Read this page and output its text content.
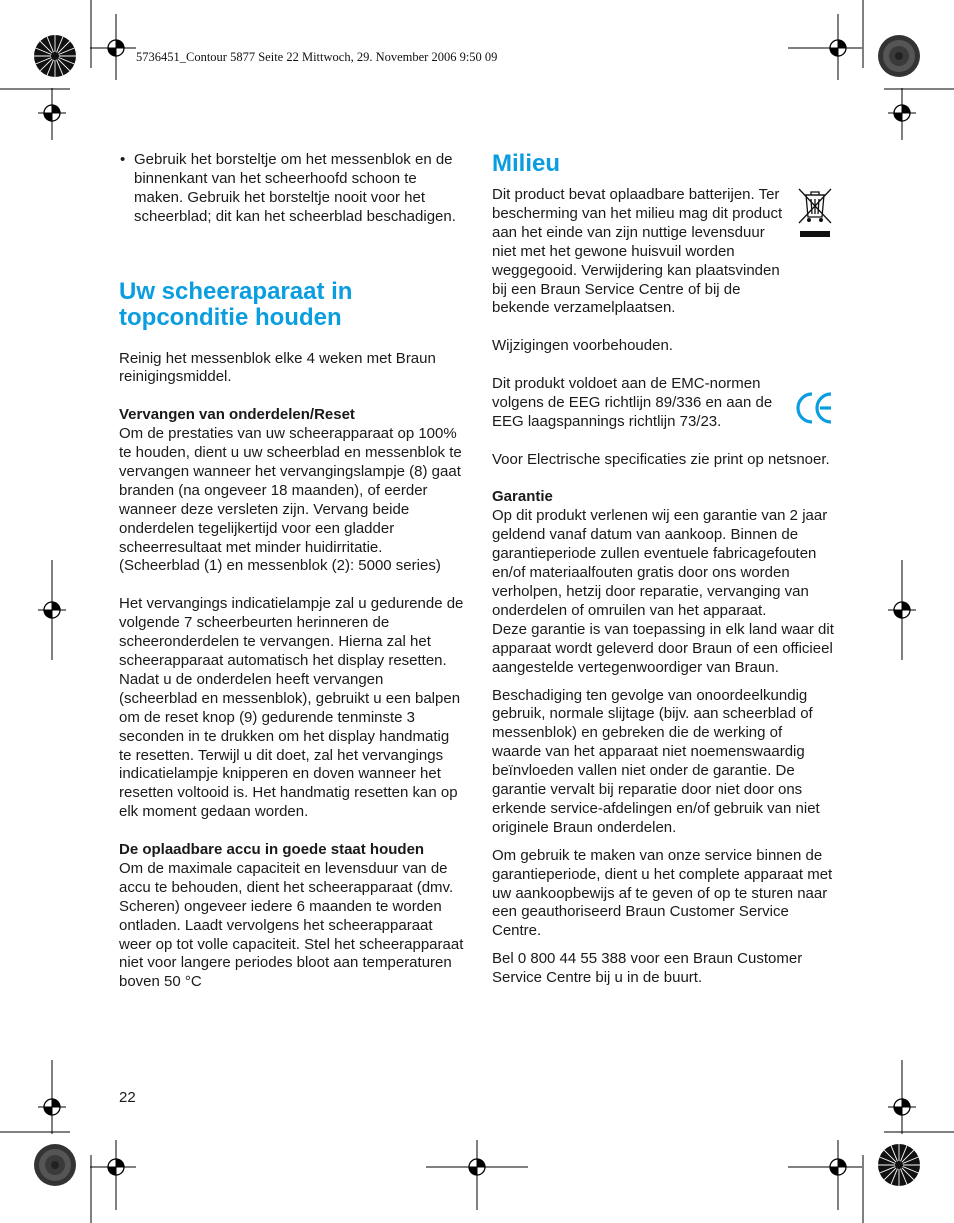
5736451_Contour 5877 Seite 22 Mittwoch, 29. November 2006 9:50 09

• Gebruik het borsteltje om het messenblok en de binnenkant van het scheerhoofd schoon te maken. Gebruik het borsteltje nooit voor het scheerblad; dit kan het scheerblad beschadigen.

Uw scheeraparaat in topconditie houden

Reinig het messenblok elke 4 weken met Braun reinigingsmiddel.

Vervangen van onderdelen/Reset

Om de prestaties van uw scheerapparaat op 100% te houden, dient u uw scheerblad en messenblok te vervangen wanneer het vervangingslampje (8) gaat branden (na ongeveer 18 maanden), of eerder wanneer deze versleten zijn. Vervang beide onderdelen tegelijkertijd voor een gladder scheerresultaat met minder huidirritatie.

(Scheerblad (1) en messenblok (2): 5000 series)

Het vervangings indicatielampje zal u gedurende de volgende 7 scheerbeurten herinneren de scheeronderdelen te vervangen. Hierna zal het scheerapparaat automatisch het display resetten.

Nadat u de onderdelen heeft vervangen (scheerblad en messenblok), gebruikt u een balpen om de reset knop (9) gedurende tenminste 3 seconden in te drukken om het display handmatig te resetten. Terwijl u dit doet, zal het vervangings indicatielampje knipperen en doven wanneer het resetten voltooid is. Het handmatig resetten kan op elk moment gedaan worden.

De oplaadbare accu in goede staat houden

Om de maximale capaciteit en levensduur van de accu te behouden, dient het scheerapparaat (dmv. Scheren) ongeveer iedere 6 maanden te worden ontladen. Laadt vervolgens het scheerapparaat weer op tot volle capaciteit. Stel het scheerapparaat niet voor langere periodes bloot aan temperaturen boven 50 °C

Milieu

Dit product bevat oplaadbare batterijen. Ter bescherming van het milieu mag dit product aan het einde van zijn nuttige levensduur niet met het gewone huisvuil worden weggegooid. Verwijdering kan plaatsvinden bij een Braun Service Centre of bij de bekende verzamelplaatsen.

Wijzigingen voorbehouden.

Dit produkt voldoet aan de EMC-normen volgens de EEG richtlijn 89/336 en aan de EEG laagspannings richtlijn 73/23.

Voor Electrische specificaties zie print op netsnoer.

Garantie

Op dit produkt verlenen wij een garantie van 2 jaar geldend vanaf datum van aankoop. Binnen de garantieperiode zullen eventuele fabricagefouten en/of materiaalfouten gratis door ons worden verholpen, hetzij door reparatie, vervanging van onderdelen of omruilen van het apparaat.

Deze garantie is van toepassing in elk land waar dit apparaat wordt geleverd door Braun of een officieel aangestelde vertegenwoordiger van Braun.

Beschadiging ten gevolge van onoordeelkundig gebruik, normale slijtage (bijv. aan scheerblad of messenblok) en gebreken die de werking of waarde van het apparaat niet noemenswaardig beïnvloeden vallen niet onder de garantie. De garantie vervalt bij reparatie door niet door ons erkende service-afdelingen en/of gebruik van niet originele Braun onderdelen.

Om gebruik te maken van onze service binnen de garantieperiode, dient u het complete apparaat met uw aankoopbewijs af te geven of op te sturen naar een geauthoriseerd Braun Customer Service Centre.

Bel 0 800 44 55 388 voor een Braun Customer Service Centre bij u in de buurt.

22
